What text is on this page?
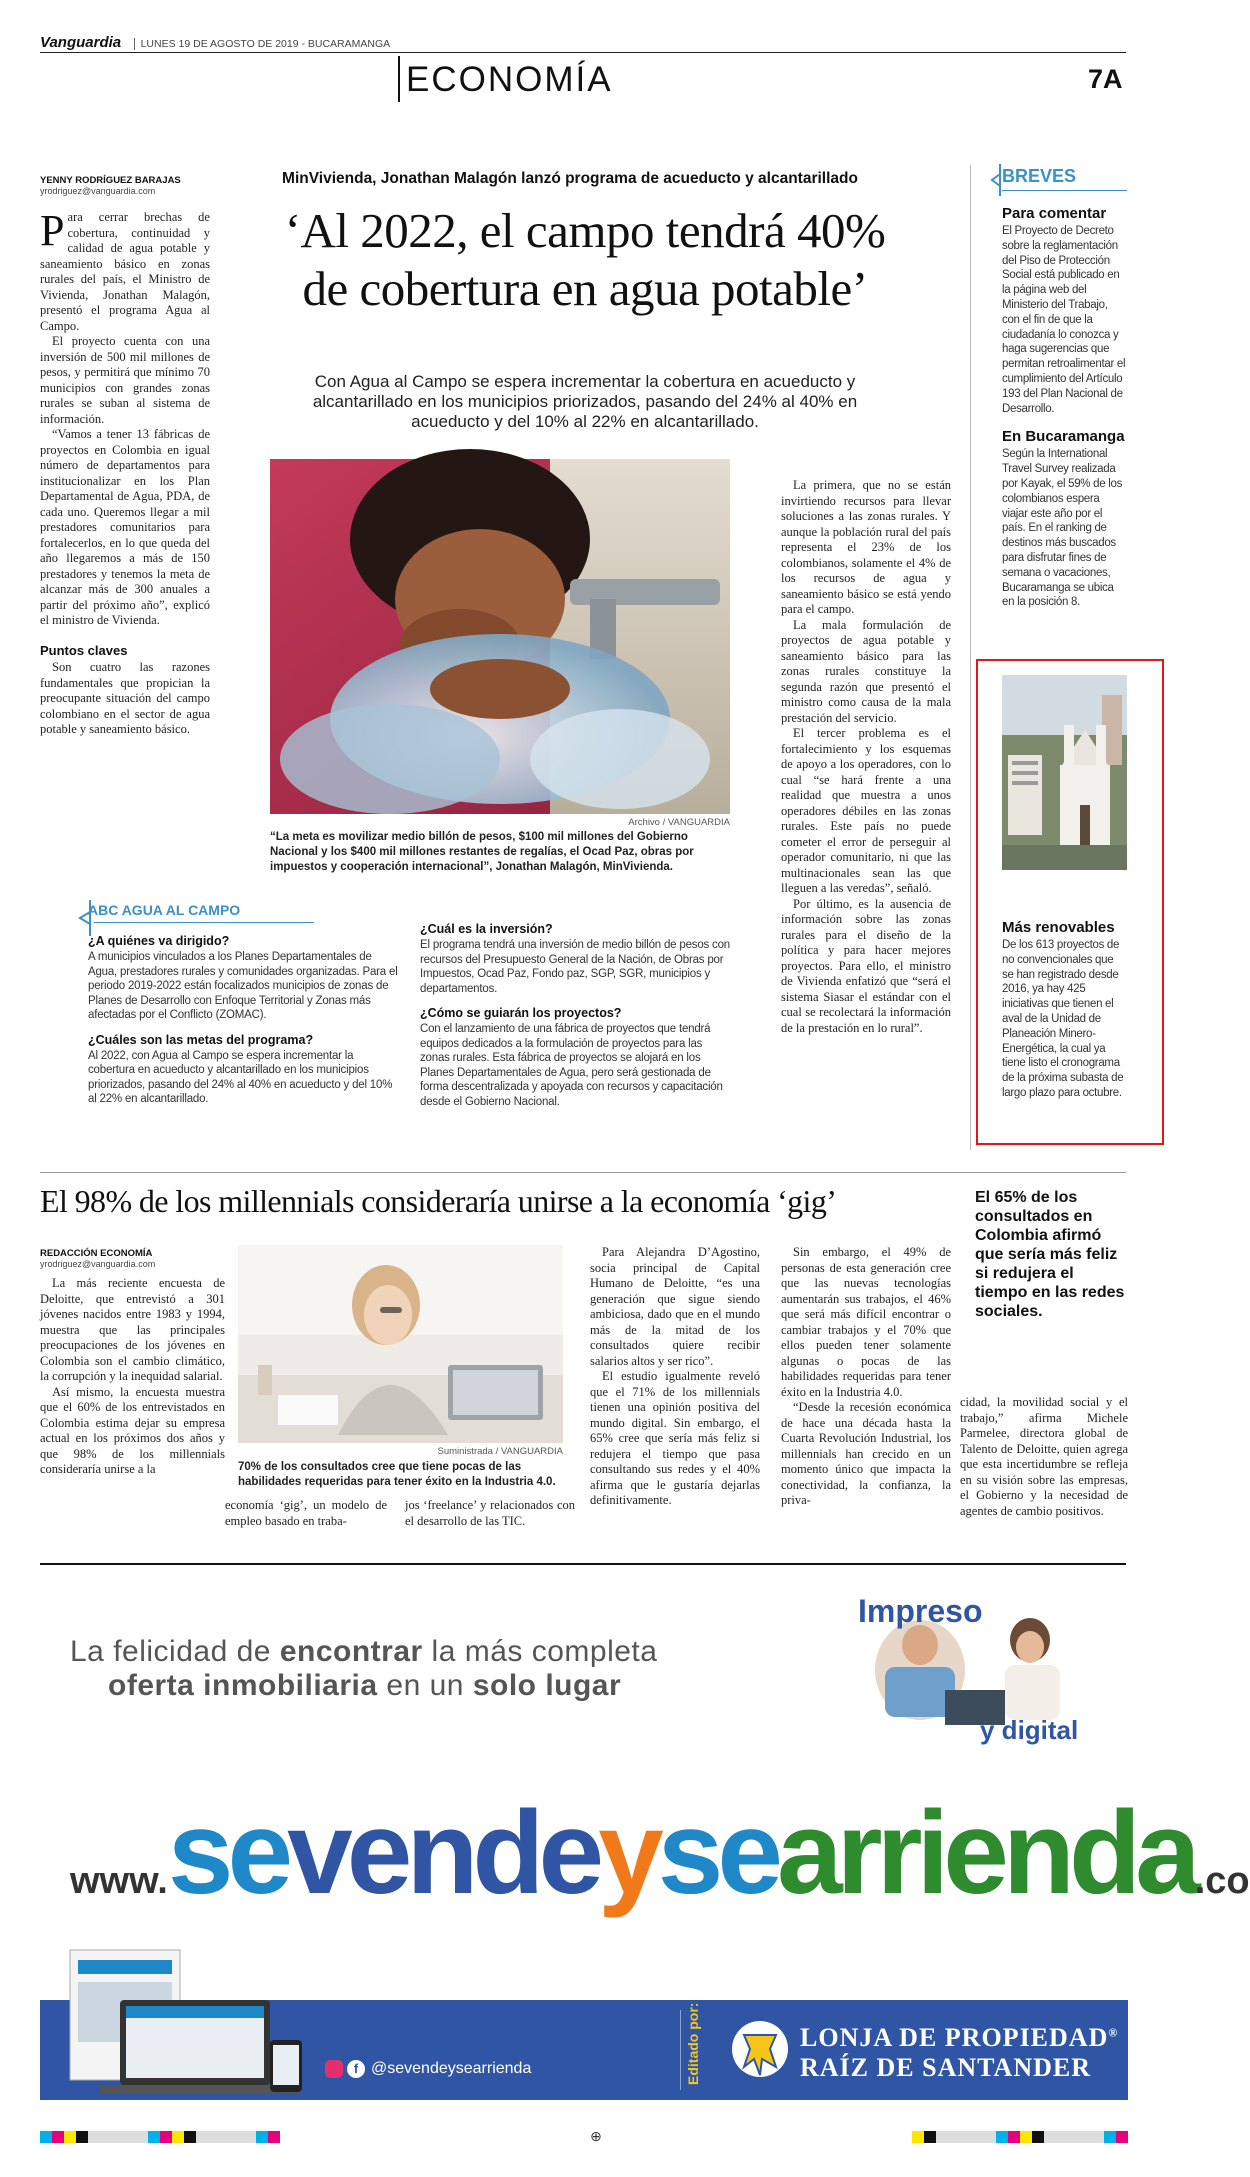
Vanguardia LUNES 19 DE AGOSTO DE 2019 - BUCARAMANGA
ECONOMÍA	7A
YENNY RODRÍGUEZ BARAJAS
yrodriguez@vanguardia.com
MinVivienda, Jonathan Malagón lanzó programa de acueducto y alcantarillado
‘Al 2022, el campo tendrá 40%
de cobertura en agua potable’
Con Agua al Campo se espera incrementar la cobertura en acueducto y alcantarillado en los municipios priorizados, pasando del 24% al 40% en acueducto y del 10% al 22% en alcantarillado.

Para cerrar brechas de cobertura, continuidad y calidad de agua potable y saneamiento básico en zonas rurales del país, el Ministro de Vivienda, Jonathan Malagón, presentó el programa Agua al Campo.

El proyecto cuenta con una inversión de 500 mil millones de pesos, y permitirá que mínimo 70 municipios con grandes zonas rurales se suban al sistema de información.

“Vamos a tener 13 fábricas de proyectos en Colombia en igual número de departamentos para institucionalizar en los Plan Departamental de Agua, PDA, de cada uno. Queremos llegar a mil prestadores comunitarios para fortalecerlos, en lo que queda del año llegaremos a más de 150 prestadores y tenemos la meta de alcanzar más de 300 anuales a partir del próximo año”, explicó el ministro de Vivienda.

Puntos claves

Son cuatro las razones fundamentales que propician la preocupante situación del campo colombiano en el sector de agua potable y saneamiento básico.

Archivo / VANGUARDIA
“La meta es movilizar medio billón de pesos, $100 mil millones del Gobierno Nacional y los $400 mil millones restantes de regalías, el Ocad Paz, obras por impuestos y cooperación internacional”, Jonathan Malagón, MinVivienda.

La primera, que no se están invirtiendo recursos para llevar soluciones a las zonas rurales. Y aunque la población rural del país representa el 23% de los colombianos, solamente el 4% de los recursos de agua y saneamiento básico se está yendo para el campo.

La mala formulación de proyectos de agua potable y saneamiento básico para las zonas rurales constituye la segunda razón que presentó el ministro como causa de la mala prestación del servicio.

El tercer problema es el fortalecimiento y los esquemas de apoyo a los operadores, con lo cual “se hará frente a una realidad que muestra a unos operadores débiles en las zonas rurales. Este país no puede cometer el error de perseguir al operador comunitario, ni que las multinacionales sean las que lleguen a las veredas”, señaló.

Por último, es la ausencia de información sobre las zonas rurales para el diseño de la política y para hacer mejores proyectos. Para ello, el ministro de Vivienda enfatizó que “será el sistema Siasar el estándar con el cual se recolectará la información de la prestación en lo rural”.

ABC AGUA AL CAMPO
¿A quiénes va dirigido?
A municipios vinculados a los Planes Departamentales de Agua, prestadores rurales y comunidades organizadas. Para el periodo 2019-2022 están focalizados municipios de zonas de Planes de Desarrollo con Enfoque Territorial y Zonas más afectadas por el Conflicto (ZOMAC).
¿Cuáles son las metas del programa?
Al 2022, con Agua al Campo se espera incrementar la cobertura en acueducto y alcantarillado en los municipios priorizados, pasando del 24% al 40% en acueducto y del 10% al 22% en alcantarillado.
¿Cuál es la inversión?
El programa tendrá una inversión de medio billón de pesos con recursos del Presupuesto General de la Nación, de Obras por Impuestos, Ocad Paz, Fondo paz, SGP, SGR, municipios y departamentos.
¿Cómo se guiarán los proyectos?
Con el lanzamiento de una fábrica de proyectos que tendrá equipos dedicados a la formulación de proyectos para las zonas rurales. Esta fábrica de proyectos se alojará en los Planes Departamentales de Agua, pero será gestionada de forma descentralizada y apoyada con recursos y capacitación desde el Gobierno Nacional.
BREVES
Para comentar
El Proyecto de Decreto sobre la reglamentación del Piso de Protección Social está publicado en la página web del Ministerio del Trabajo, con el fin de que la ciudadanía lo conozca y haga sugerencias que permitan retroalimentar el cumplimiento del Artículo 193 del Plan Nacional de Desarrollo.
En Bucaramanga
Según la International Travel Survey realizada por Kayak, el 59% de los colombianos espera viajar este año por el país. En el ranking de destinos más buscados para disfrutar fines de semana o vacaciones, Bucaramanga se ubica en la posición 8.
Más renovables
De los 613 proyectos de no convencionales que se han registrado desde 2016, ya hay 425 iniciativas que tienen el aval de la Unidad de Planeación Minero-Energética, la cual ya tiene listo el cronograma de la próxima subasta de largo plazo para octubre.
El 98% de los millennials consideraría unirse a la economía ‘gig’
REDACCIÓN ECONOMÍA
yrodriguez@vanguardia.com

La más reciente encuesta de Deloitte, que entrevistó a 301 jóvenes nacidos entre 1983 y 1994, muestra que las principales preocupaciones de los jóvenes en Colombia son el cambio climático, la corrupción y la inequidad salarial.

Así mismo, la encuesta muestra que el 60% de los entrevistados en Colombia estima dejar su empresa actual en los próximos dos años y que 98% de los millennials consideraría unirse a la

Suministrada / VANGUARDIA
70% de los consultados cree que tiene pocas de las habilidades requeridas para tener éxito en la Industria 4.0.
economía ‘gig’, un modelo de empleo basado en traba-
jos ‘freelance’ y relacionados con el desarrollo de las TIC.

Para Alejandra D’Agostino, socia principal de Capital Humano de Deloitte, “es una generación que sigue siendo ambiciosa, dado que en el mundo más de la mitad de los consultados quiere recibir salarios altos y ser rico”.

El estudio igualmente reveló que el 71% de los millennials tienen una opinión positiva del mundo digital. Sin embargo, el 65% cree que sería más feliz si redujera el tiempo que pasa consultando sus redes y el 40% afirma que le gustaría dejarlas definitivamente.

Sin embargo, el 49% de personas de esta generación cree que las nuevas tecnologías aumentarán sus trabajos, el 46% que será más difícil encontrar o cambiar trabajos y el 70% que ellos pueden tener solamente algunas o pocas de las habilidades requeridas para tener éxito en la Industria 4.0.

“Desde la recesión económica de hace una década hasta la Cuarta Revolución Industrial, los millennials han crecido en un momento único que impacta la conectividad, la confianza, la priva-

cidad, la movilidad social y el trabajo,” afirma Michele Parmelee, directora global de Talento de Deloitte, quien agrega que esta incertidumbre se refleja en su visión sobre las empresas, el Gobierno y la necesidad de agentes de cambio positivos.
El 65% de los consultados en Colombia afirmó que sería más feliz si redujera el tiempo en las redes sociales.
La felicidad de encontrar la más completa
oferta inmobiliaria en un solo lugar
Impreso
y digital
www.sevendeysearrienda.co
f @sevendeysearrienda	Editado por:	LONJA DE PROPIEDAD®
RAÍZ DE SANTANDER
⊕
